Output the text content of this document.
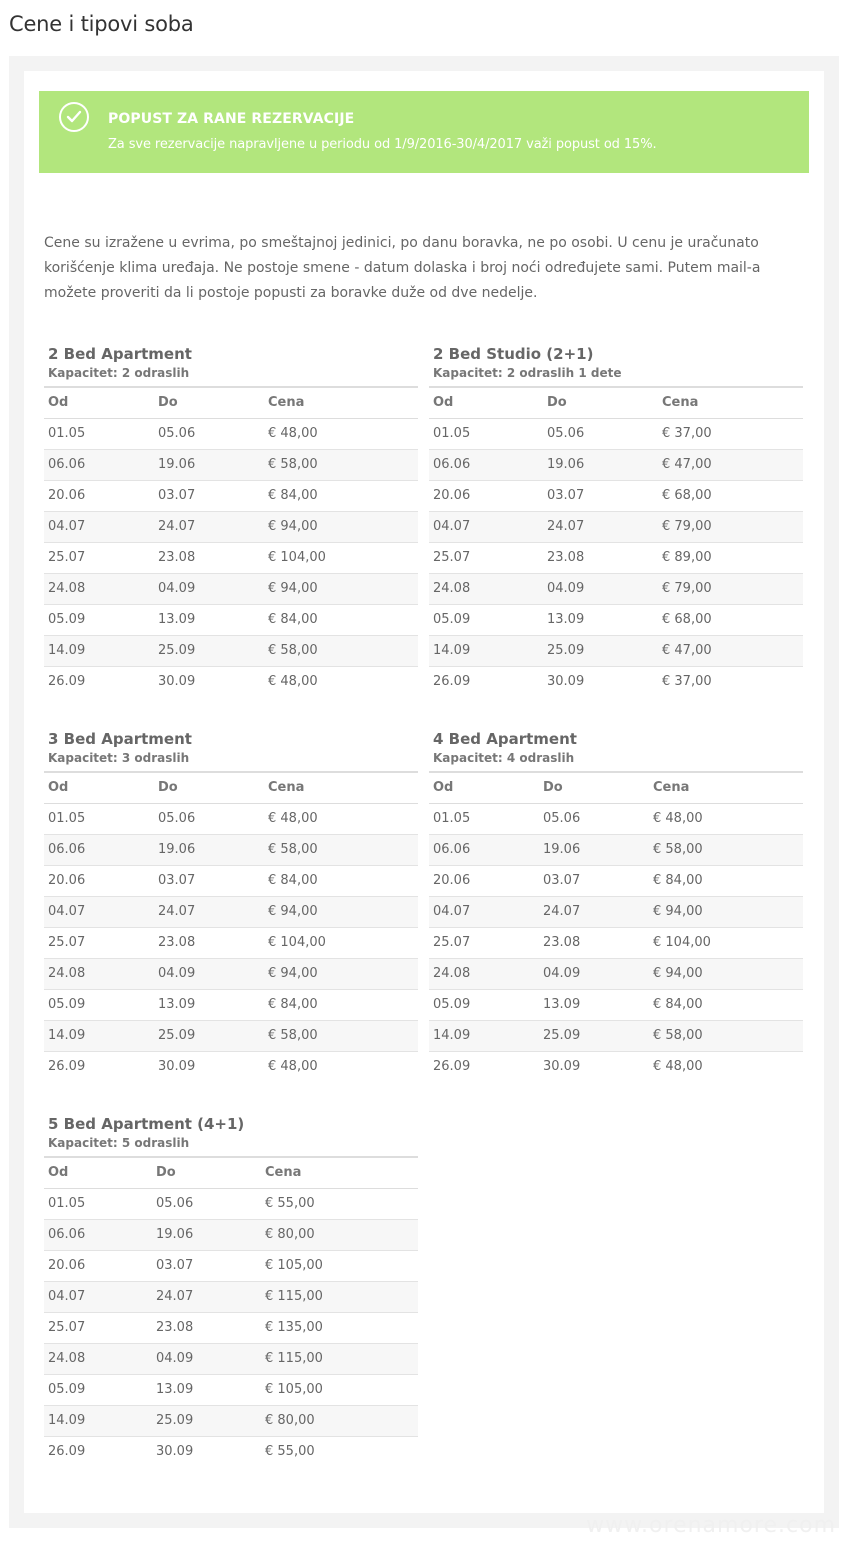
Cene i tipovi soba
POPUST ZA RANE REZERVACIJE
Za sve rezervacije napravljene u periodu od 1/9/2016-30/4/2017 važi popust od 15%.

Cene su izražene u evrima, po smeštajnoj jedinici, po danu boravka, ne po osobi. U cenu je uračunato korišćenje klima uređaja. Ne postoje smene - datum dolaska i broj noći određujete sami. Putem mail-a možete proveriti da li postoje popusti za boravke duže od dve nedelje.

2 Bed Apartment
Kapacitet: 2 odraslih
Od	Do	Cena
01.05	05.06	€ 48,00
06.06	19.06	€ 58,00
20.06	03.07	€ 84,00
04.07	24.07	€ 94,00
25.07	23.08	€ 104,00
24.08	04.09	€ 94,00
05.09	13.09	€ 84,00
14.09	25.09	€ 58,00
26.09	30.09	€ 48,00
2 Bed Studio (2+1)
Kapacitet: 2 odraslih 1 dete
Od	Do	Cena
01.05	05.06	€ 37,00
06.06	19.06	€ 47,00
20.06	03.07	€ 68,00
04.07	24.07	€ 79,00
25.07	23.08	€ 89,00
24.08	04.09	€ 79,00
05.09	13.09	€ 68,00
14.09	25.09	€ 47,00
26.09	30.09	€ 37,00
3 Bed Apartment
Kapacitet: 3 odraslih
Od	Do	Cena
01.05	05.06	€ 48,00
06.06	19.06	€ 58,00
20.06	03.07	€ 84,00
04.07	24.07	€ 94,00
25.07	23.08	€ 104,00
24.08	04.09	€ 94,00
05.09	13.09	€ 84,00
14.09	25.09	€ 58,00
26.09	30.09	€ 48,00
4 Bed Apartment
Kapacitet: 4 odraslih
Od	Do	Cena
01.05	05.06	€ 48,00
06.06	19.06	€ 58,00
20.06	03.07	€ 84,00
04.07	24.07	€ 94,00
25.07	23.08	€ 104,00
24.08	04.09	€ 94,00
05.09	13.09	€ 84,00
14.09	25.09	€ 58,00
26.09	30.09	€ 48,00
5 Bed Apartment (4+1)
Kapacitet: 5 odraslih
Od	Do	Cena
01.05	05.06	€ 55,00
06.06	19.06	€ 80,00
20.06	03.07	€ 105,00
04.07	24.07	€ 115,00
25.07	23.08	€ 135,00
24.08	04.09	€ 115,00
05.09	13.09	€ 105,00
14.09	25.09	€ 80,00
26.09	30.09	€ 55,00
www.orenamore.com
